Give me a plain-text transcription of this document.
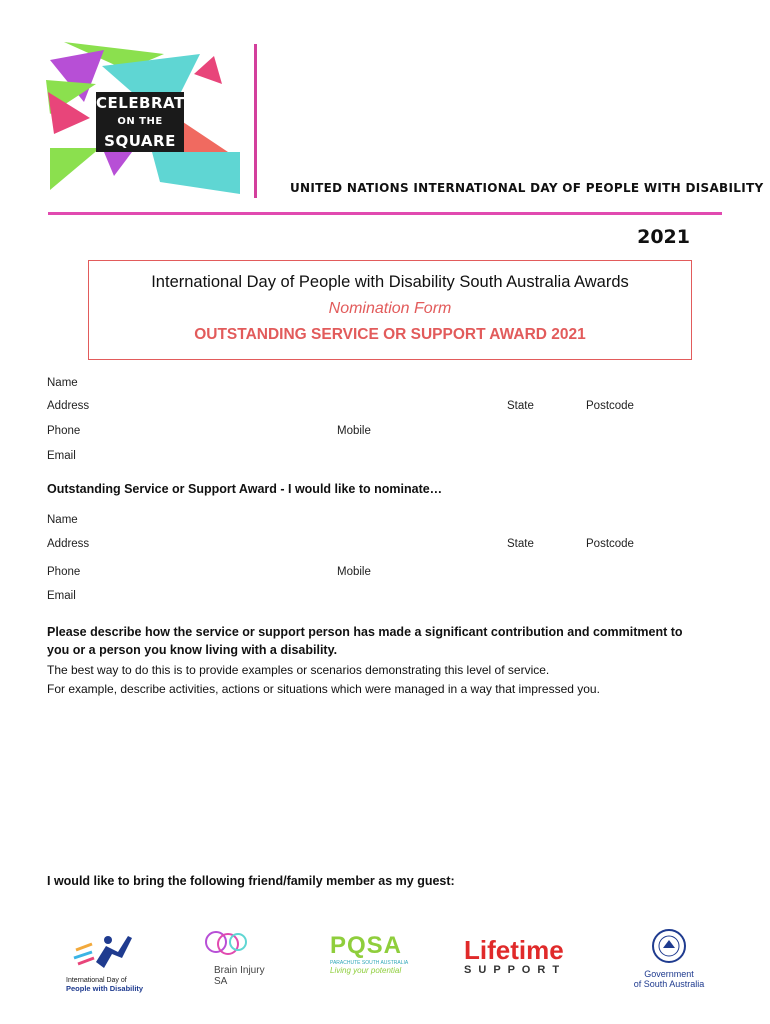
CELEBRATE
ON THE
SQUARE
UNITED NATIONS INTERNATIONAL DAY OF PEOPLE WITH DISABILITY
2021
International Day of People with Disability South Australia Awards
Nomination Form
OUTSTANDING SERVICE OR SUPPORT AWARD 2021
Name
Address	State	Postcode
Phone	Mobile
Email
Outstanding Service or Support Award - I would like to nominate…
Name
Address	State	Postcode
Phone	Mobile
Email
Please describe how the service or support person has made a significant contribution and commitment to you or a person you know living with a disability.
The best way to do this is to provide examples or scenarios demonstrating this level of service.
For example, describe activities, actions or situations which were managed in a way that impressed you.
I would like to bring the following friend/family member as my guest:
International Day of
People with Disability
Brain Injury
SA
PQSA
PARACHUTE SOUTH AUSTRALIA
Living your potential
Lifetime
S U P P O R T	Government
of South Australia
